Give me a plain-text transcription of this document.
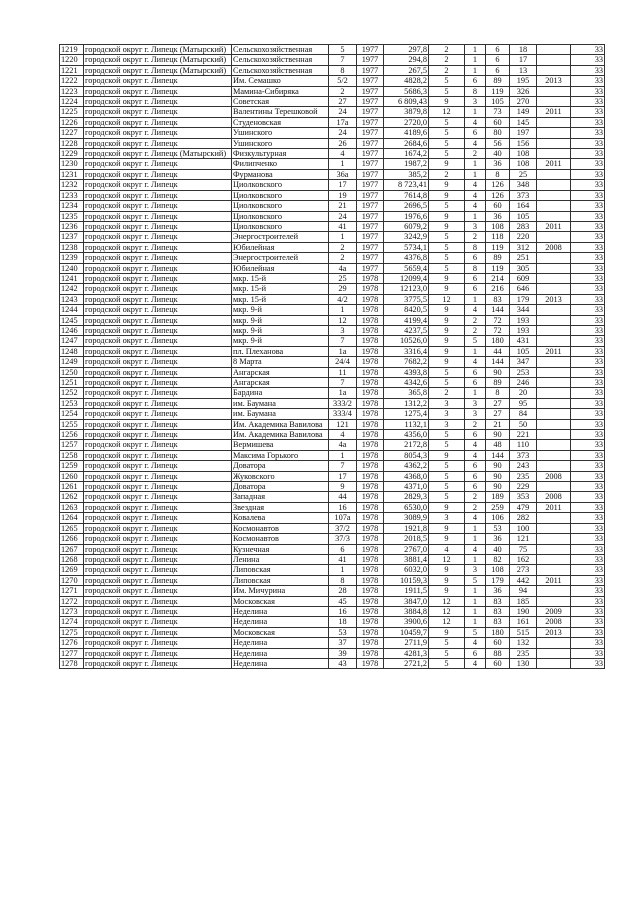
1219	городской округ г. Липецк (Матырский)	Сельскохозяйственная	5	1977	297,8	2	1	6	18		33
1220	городской округ г. Липецк (Матырский)	Сельскохозяйственная	7	1977	294,8	2	1	6	17		33
1221	городской округ г. Липецк (Матырский)	Сельскохозяйственная	8	1977	267,5	2	1	6	13		33
1222	городской округ г. Липецк	Им. Семашко	5/2	1977	4828,2	5	6	89	195	2013	33
1223	городской округ г. Липецк	Мамина-Сибиряка	2	1977	5686,3	5	8	119	326		33
1224	городской округ г. Липецк	Советская	27	1977	6 809,43	9	3	105	270		33
1225	городской округ г. Липецк	Валентины Терешковой	24	1977	3879,8	12	1	73	149	2011	33
1226	городской округ г. Липецк	Студеновская	17а	1977	2720,0	5	4	60	145		33
1227	городской округ г. Липецк	Ушинского	24	1977	4189,6	5	6	80	197		33
1228	городской округ г. Липецк	Ушинского	26	1977	2684,6	5	4	56	156		33
1229	городской округ г. Липецк (Матырский)	Физкультурная	4	1977	1674,2	5	2	40	108		33
1230	городской округ г. Липецк	Филипченко	1	1977	1987,2	9	1	36	108	2011	33
1231	городской округ г. Липецк	Фурманова	36а	1977	385,2	2	1	8	25		33
1232	городской округ г. Липецк	Циолковского	17	1977	8 723,41	9	4	126	348		33
1233	городской округ г. Липецк	Циолковского	19	1977	7614,8	9	4	126	373		33
1234	городской округ г. Липецк	Циолковского	21	1977	2696,5	5	4	60	164		33
1235	городской округ г. Липецк	Циолковского	24	1977	1976,6	9	1	36	105		33
1236	городской округ г. Липецк	Циолковского	41	1977	6079,2	9	3	108	283	2011	33
1237	городской округ г. Липецк	Энергостроителей	1	1977	3242,9	5	2	118	220		33
1238	городской округ г. Липецк	Юбилейная	2	1977	5734,1	5	8	119	312	2008	33
1239	городской округ г. Липецк	Энергостроителей	2	1977	4376,8	5	6	89	251		33
1240	городской округ г. Липецк	Юбилейная	4а	1977	5659,4	5	8	119	305		33
1241	городской округ г. Липецк	мкр. 15-й	25	1978	12099,4	9	6	214	609		33
1242	городской округ г. Липецк	мкр. 15-й	29	1978	12123,0	9	6	216	646		33
1243	городской округ г. Липецк	мкр. 15-й	4/2	1978	3775,5	12	1	83	179	2013	33
1244	городской округ г. Липецк	мкр. 9-й	1	1978	8420,5	9	4	144	344		33
1245	городской округ г. Липецк	мкр. 9-й	12	1978	4199,4	9	2	72	193		33
1246	городской округ г. Липецк	мкр. 9-й	3	1978	4237,5	9	2	72	193		33
1247	городской округ г. Липецк	мкр. 9-й	7	1978	10526,0	9	5	180	431		33
1248	городской округ г. Липецк	пл. Плеханова	1а	1978	3316,4	9	1	44	105	2011	33
1249	городской округ г. Липецк	8 Марта	24/4	1978	7682,2	9	4	144	347		33
1250	городской округ г. Липецк	Ангарская	11	1978	4393,8	5	6	90	253		33
1251	городской округ г. Липецк	Ангарская	7	1978	4342,6	5	6	89	246		33
1252	городской округ г. Липецк	Бардина	1а	1978	365,8	2	1	8	20		33
1253	городской округ г. Липецк	им. Баумана	333/2	1978	1312,2	3	3	27	95		33
1254	городской округ г. Липецк	им. Баумана	333/4	1978	1275,4	3	3	27	84		33
1255	городской округ г. Липецк	Им. Академика Вавилова	121	1978	1132,1	3	2	21	50		33
1256	городской округ г. Липецк	Им. Академика Вавилова	4	1978	4356,0	5	6	90	221		33
1257	городской округ г. Липецк	Вермишева	4а	1978	2172,8	5	4	48	110		33
1258	городской округ г. Липецк	Максима Горького	1	1978	8054,3	9	4	144	373		33
1259	городской округ г. Липецк	Доватора	7	1978	4362,2	5	6	90	243		33
1260	городской округ г. Липецк	Жуковского	17	1978	4368,0	5	6	90	235	2008	33
1261	городской округ г. Липецк	Доватора	9	1978	4371,0	5	6	90	229		33
1262	городской округ г. Липецк	Западная	44	1978	2829,3	5	2	189	353	2008	33
1263	городской округ г. Липецк	Звездная	16	1978	6530,0	9	2	259	479	2011	33
1264	городской округ г. Липецк	Ковалева	107а	1978	3089,9	3	4	106	282		33
1265	городской округ г. Липецк	Космонавтов	37/2	1978	1921,8	9	1	53	100		33
1266	городской округ г. Липецк	Космонавтов	37/3	1978	2018,5	9	1	36	121		33
1267	городской округ г. Липецк	Кузнечная	6	1978	2767,0	4	4	40	75		33
1268	городской округ г. Липецк	Ленина	41	1978	3881,4	12	1	82	162		33
1269	городской округ г. Липецк	Липовская	1	1978	6032,0	9	3	108	273		33
1270	городской округ г. Липецк	Липовская	8	1978	10159,3	9	5	179	442	2011	33
1271	городской округ г. Липецк	Им. Мичурина	28	1978	1911,5	9	1	36	94		33
1272	городской округ г. Липецк	Московская	45	1978	3847,0	12	1	83	185		33
1273	городской округ г. Липецк	Неделина	16	1978	3884,8	12	1	83	190	2009	33
1274	городской округ г. Липецк	Неделина	18	1978	3900,6	12	1	83	161	2008	33
1275	городской округ г. Липецк	Московская	53	1978	10459,7	9	5	180	515	2013	33
1276	городской округ г. Липецк	Неделина	37	1978	2711,9	5	4	60	132		33
1277	городской округ г. Липецк	Неделина	39	1978	4281,3	5	6	88	235		33
1278	городской округ г. Липецк	Неделина	43	1978	2721,2	5	4	60	130		33
